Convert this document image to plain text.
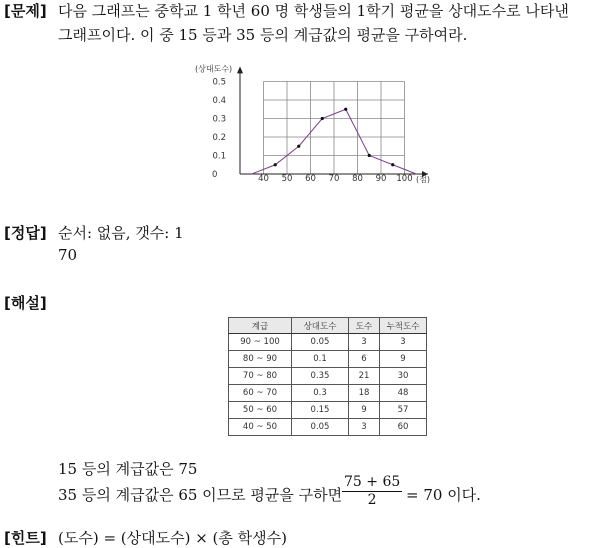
[문제] 다음 그래프는 중학교 1 학년 60 명 학생들의 1학기 평균을 상대도수로 나타낸
그래프이다. 이 중 15 등과 35 등의 계급값의 평균을 구하여라.
40 50 60 70 80 90 100
0.1
0.2
0.3
0.4
0.5
0
(상대도수)
(점)
[정답] 순서: 없음, 갯수: 1
70
[해설]
계급	상대도수	도수	누적도수
90 ~ 100	0.05	3	3
80 ~ 90	0.1	6	9
70 ~ 80	0.35	21	30
60 ~ 70	0.3	18	48
50 ~ 60	0.15	9	57
40 ~ 50	0.05	3	60
15 등의 계급값은 75
35 등의 계급값은 65 이므로 평균을 구하면 $\frac{75 + 65}{2} = 70$ 이다.
[힌트] (도수) = (상대도수) × (총 학생수)
